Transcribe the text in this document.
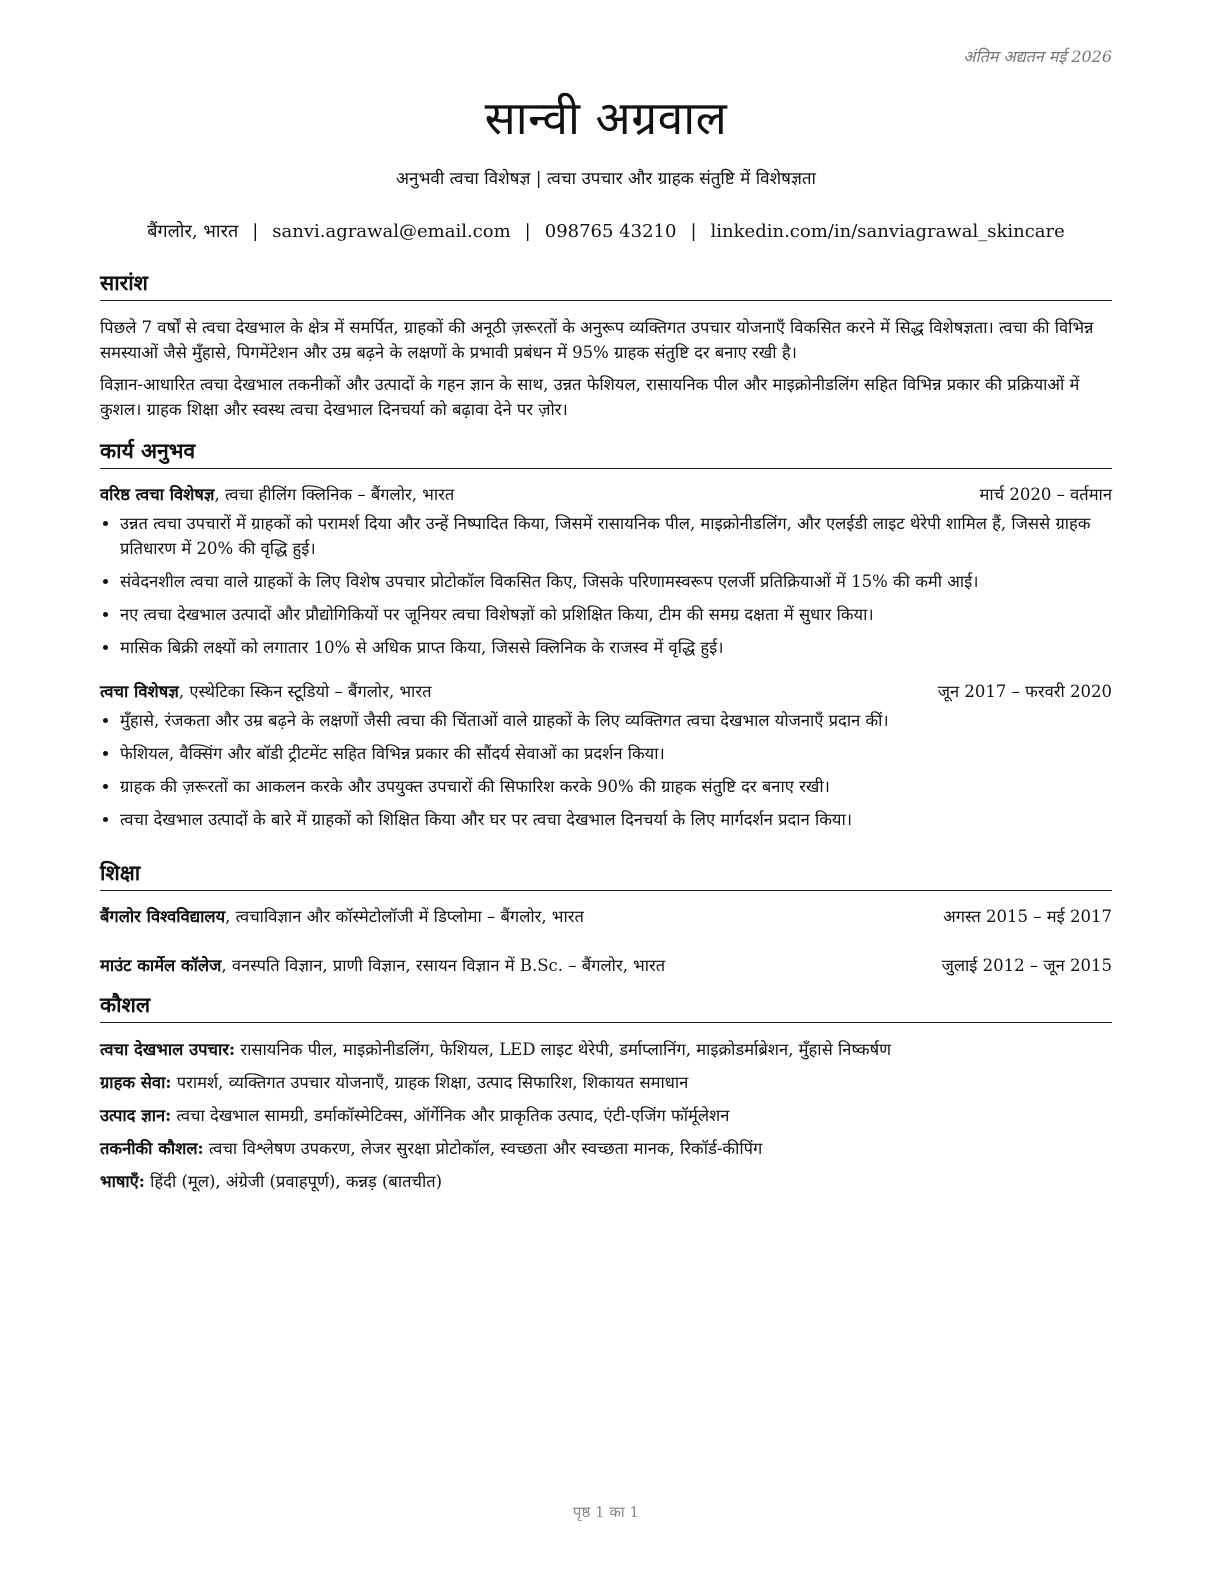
अंतिम अद्यतन मई 2026
सान्वी अग्रवाल
अनुभवी त्वचा विशेषज्ञ | त्वचा उपचार और ग्राहक संतुष्टि में विशेषज्ञता
बैंगलोर, भारत | sanvi.agrawal@email.com | 098765 43210 | linkedin.com/in/sanviagrawal_skincare
सारांश

पिछले 7 वर्षों से त्वचा देखभाल के क्षेत्र में समर्पित, ग्राहकों की अनूठी ज़रूरतों के अनुरूप व्यक्तिगत उपचार योजनाएँ विकसित करने में सिद्ध विशेषज्ञता। त्वचा की विभिन्न समस्याओं जैसे मुँहासे, पिगमेंटेशन और उम्र बढ़ने के लक्षणों के प्रभावी प्रबंधन में 95% ग्राहक संतुष्टि दर बनाए रखी है।

विज्ञान-आधारित त्वचा देखभाल तकनीकों और उत्पादों के गहन ज्ञान के साथ, उन्नत फेशियल, रासायनिक पील और माइक्रोनीडलिंग सहित विभिन्न प्रकार की प्रक्रियाओं में कुशल। ग्राहक शिक्षा और स्वस्थ त्वचा देखभाल दिनचर्या को बढ़ावा देने पर ज़ोर।

कार्य अनुभव
वरिष्ठ त्वचा विशेषज्ञ, त्वचा हीलिंग क्लिनिक – बैंगलोर, भारत	मार्च 2020 – वर्तमान
• उन्नत त्वचा उपचारों में ग्राहकों को परामर्श दिया और उन्हें निष्पादित किया, जिसमें रासायनिक पील, माइक्रोनीडलिंग, और एलईडी लाइट थेरेपी शामिल हैं, जिससे ग्राहक प्रतिधारण में 20% की वृद्धि हुई।
• संवेदनशील त्वचा वाले ग्राहकों के लिए विशेष उपचार प्रोटोकॉल विकसित किए, जिसके परिणामस्वरूप एलर्जी प्रतिक्रियाओं में 15% की कमी आई।
• नए त्वचा देखभाल उत्पादों और प्रौद्योगिकियों पर जूनियर त्वचा विशेषज्ञों को प्रशिक्षित किया, टीम की समग्र दक्षता में सुधार किया।
• मासिक बिक्री लक्ष्यों को लगातार 10% से अधिक प्राप्त किया, जिससे क्लिनिक के राजस्व में वृद्धि हुई।
त्वचा विशेषज्ञ, एस्थेटिका स्किन स्टूडियो – बैंगलोर, भारत	जून 2017 – फरवरी 2020
• मुँहासे, रंजकता और उम्र बढ़ने के लक्षणों जैसी त्वचा की चिंताओं वाले ग्राहकों के लिए व्यक्तिगत त्वचा देखभाल योजनाएँ प्रदान कीं।
• फेशियल, वैक्सिंग और बॉडी ट्रीटमेंट सहित विभिन्न प्रकार की सौंदर्य सेवाओं का प्रदर्शन किया।
• ग्राहक की ज़रूरतों का आकलन करके और उपयुक्त उपचारों की सिफारिश करके 90% की ग्राहक संतुष्टि दर बनाए रखी।
• त्वचा देखभाल उत्पादों के बारे में ग्राहकों को शिक्षित किया और घर पर त्वचा देखभाल दिनचर्या के लिए मार्गदर्शन प्रदान किया।
शिक्षा
बैंगलोर विश्वविद्यालय, त्वचाविज्ञान और कॉस्मेटोलॉजी में डिप्लोमा – बैंगलोर, भारत	अगस्त 2015 – मई 2017
माउंट कार्मेल कॉलेज, वनस्पति विज्ञान, प्राणी विज्ञान, रसायन विज्ञान में B.Sc. – बैंगलोर, भारत	जुलाई 2012 – जून 2015
कौशल
त्वचा देखभाल उपचार: रासायनिक पील, माइक्रोनीडलिंग, फेशियल, LED लाइट थेरेपी, डर्माप्लानिंग, माइक्रोडर्माब्रेशन, मुँहासे निष्कर्षण
ग्राहक सेवा: परामर्श, व्यक्तिगत उपचार योजनाएँ, ग्राहक शिक्षा, उत्पाद सिफारिश, शिकायत समाधान
उत्पाद ज्ञान: त्वचा देखभाल सामग्री, डर्माकॉस्मेटिक्स, ऑर्गेनिक और प्राकृतिक उत्पाद, एंटी-एजिंग फॉर्मूलेशन
तकनीकी कौशल: त्वचा विश्लेषण उपकरण, लेजर सुरक्षा प्रोटोकॉल, स्वच्छता और स्वच्छता मानक, रिकॉर्ड-कीपिंग
भाषाएँ: हिंदी (मूल), अंग्रेजी (प्रवाहपूर्ण), कन्नड़ (बातचीत)
पृष्ठ 1 का 1
